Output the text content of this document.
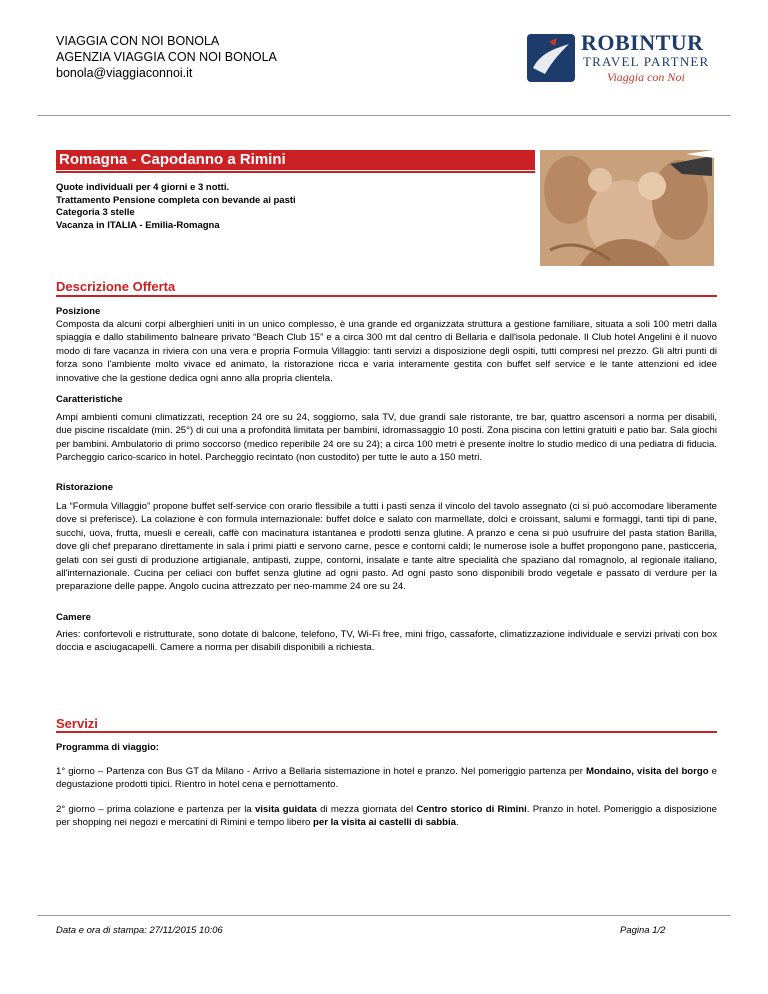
VIAGGIA CON NOI BONOLA
AGENZIA VIAGGIA CON NOI BONOLA
bonola@viaggiaconnoi.it
ROBINTUR
TRAVEL PARTNER
Viaggia con Noi
Romagna - Capodanno a Rimini
Quote individuali per 4 giorni e 3 notti.
Trattamento Pensione completa con bevande ai pasti
Categoria 3 stelle
Vacanza in ITALIA - Emilia-Romagna
Descrizione Offerta
Posizione

Composta da alcuni corpi alberghieri uniti in un unico complesso, è una grande ed organizzata struttura a gestione familiare, situata a soli 100 metri dalla spiaggia e dallo stabilimento balneare privato “Beach Club 15” e a circa 300 mt dal centro di Bellaria e dall'isola pedonale. Il Club hotel Angelini è il nuovo modo di fare vacanza in riviera con una vera e propria Formula Villaggio: tanti servizi a disposizione degli ospiti, tutti compresi nel prezzo. Gli altri punti di forza sono l'ambiente molto vivace ed animato, la ristorazione ricca e varia interamente gestita con buffet self service e le tante attenzioni ed idee innovative che la gestione dedica ogni anno alla propria clientela.

Caratteristiche

Ampi ambienti comuni climatizzati, reception 24 ore su 24, soggiorno, sala TV, due grandi sale ristorante, tre bar, quattro ascensori a norma per disabili, due piscine riscaldate (min. 25°) di cui una a profondità limitata per bambini, idromassaggio 10 posti. Zona piscina con lettini gratuiti e patio bar. Sala giochi per bambini. Ambulatorio di primo soccorso (medico reperibile 24 ore su 24); a circa 100 metri è presente inoltre lo studio medico di una pediatra di fiducia. Parcheggio carico-scarico in hotel. Parcheggio recintato (non custodito) per tutte le auto a 150 metri.

Ristorazione

La “Formula Villaggio” propone buffet self-service con orario flessibile a tutti i pasti senza il vincolo del tavolo assegnato (ci si può accomodare liberamente dove si preferisce). La colazione è con formula internazionale: buffet dolce e salato con marmellate, dolci e croissant, salumi e formaggi, tanti tipi di pane, succhi, uova, frutta, muesli e cereali, caffè con macinatura istantanea e prodotti senza glutine. A pranzo e cena si può usufruire del pasta station Barilla, dove gli chef preparano direttamente in sala i primi piatti e servono carne, pesce e contorni caldi; le numerose isole a buffet propongono pane, pasticceria, gelati con sei gusti di produzione artigianale, antipasti, zuppe, contorni, insalate e tante altre specialità che spaziano dal romagnolo, al regionale italiano, all'internazionale. Cucina per celiaci con buffet senza glutine ad ogni pasto. Ad ogni pasto sono disponibili brodo vegetale e passato di verdure per la preparazione delle pappe. Angolo cucina attrezzato per neo-mamme 24 ore su 24.

Camere

Aries: confortevoli e ristrutturate, sono dotate di balcone, telefono, TV, Wi-Fi free, mini frigo, cassaforte, climatizzazione individuale e servizi privati con box doccia e asciugacapelli. Camere a norma per disabili disponibili a richiesta.

Servizi
Programma di viaggio:

1° giorno – Partenza con Bus GT da Milano - Arrivo a Bellaria sistemazione in hotel e pranzo. Nel pomeriggio partenza per Mondaino, visita del borgo e degustazione prodotti tipici. Rientro in hotel cena e pernottamento.

2° giorno – prima colazione e partenza per la visita guidata di mezza giornata del Centro storico di Rimini. Pranzo in hotel. Pomeriggio a disposizione per shopping nei negozi e mercatini di Rimini e tempo libero per la visita ai castelli di sabbia.

Data e ora di stampa: 27/11/2015 10:06	Pagina 1/2
